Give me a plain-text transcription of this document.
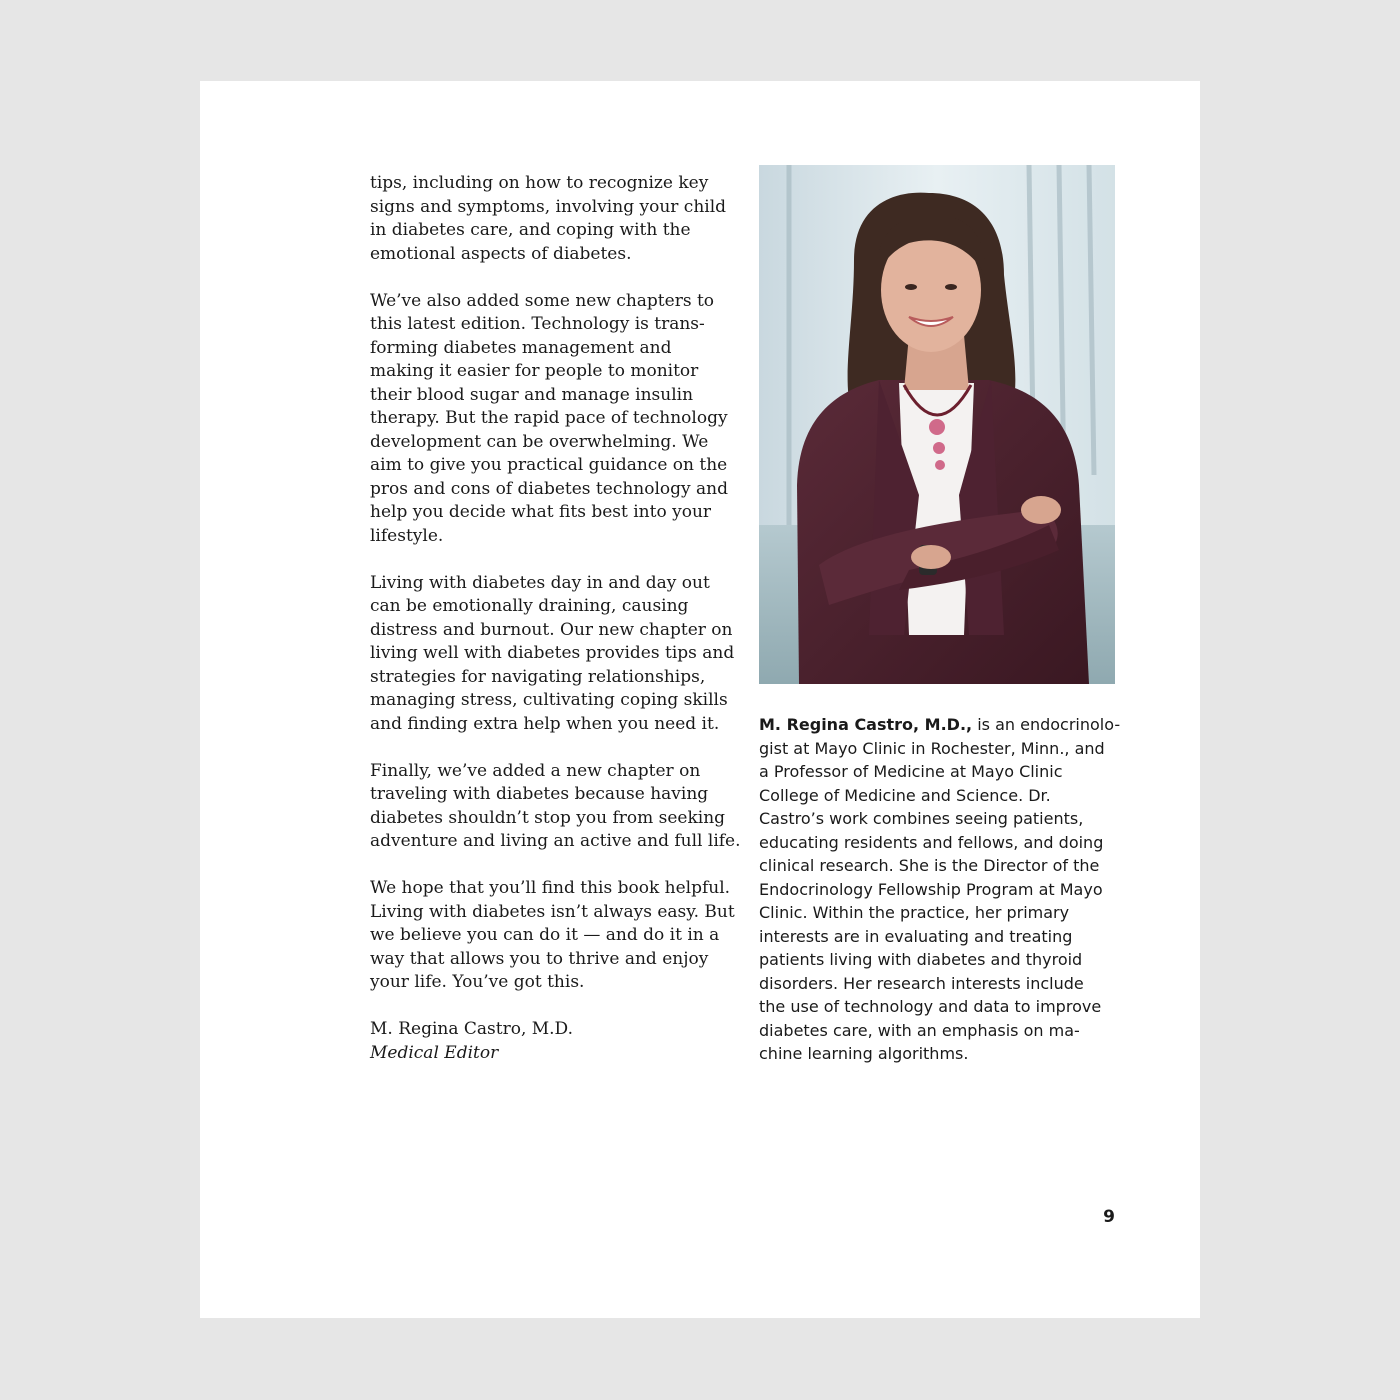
tips, including on how to recognize key
signs and symptoms, involving your child
in diabetes care, and coping with the
emotional aspects of diabetes.

We’ve also added some new chapters to
this latest edition. Technology is trans-
forming diabetes management and
making it easier for people to monitor
their blood sugar and manage insulin
therapy. But the rapid pace of technology
development can be overwhelming. We
aim to give you practical guidance on the
pros and cons of diabetes technology and
help you decide what fits best into your
lifestyle.

Living with diabetes day in and day out
can be emotionally draining, causing
distress and burnout. Our new chapter on
living well with diabetes provides tips and
strategies for navigating relationships,
managing stress, cultivating coping skills
and finding extra help when you need it.

Finally, we’ve added a new chapter on
traveling with diabetes because having
diabetes shouldn’t stop you from seeking
adventure and living an active and full life.

We hope that you’ll find this book helpful.
Living with diabetes isn’t always easy. But
we believe you can do it — and do it in a
way that allows you to thrive and enjoy
your life. You’ve got this.

M. Regina Castro, M.D.
Medical Editor
M. Regina Castro, M.D., is an endocrinolo-
gist at Mayo Clinic in Rochester, Minn., and
a Professor of Medicine at Mayo Clinic
College of Medicine and Science. Dr.
Castro’s work combines seeing patients,
educating residents and fellows, and doing
clinical research. She is the Director of the
Endocrinology Fellowship Program at Mayo
Clinic. Within the practice, her primary
interests are in evaluating and treating
patients living with diabetes and thyroid
disorders. Her research interests include
the use of technology and data to improve
diabetes care, with an emphasis on ma-
chine learning algorithms.
9
